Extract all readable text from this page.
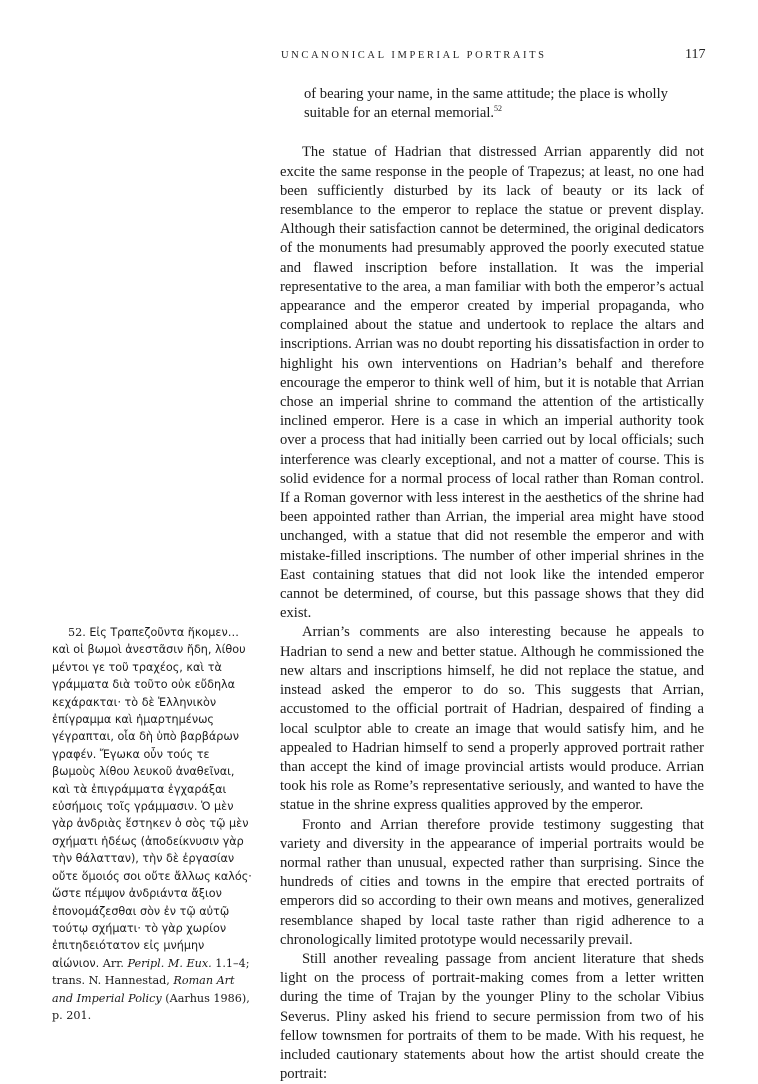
UNCANONICAL IMPERIAL PORTRAITS	117

of bearing your name, in the same attitude; the place is wholly suitable for an eternal memorial.$^{52}$

The statue of Hadrian that distressed Arrian apparently did not excite the same response in the people of Trapezus; at least, no one had been sufficiently disturbed by its lack of beauty or its lack of resemblance to the emperor to replace the statue or prevent display. Although their satisfaction cannot be determined, the original dedicators of the monuments had presumably approved the poorly executed statue and flawed inscription before installation. It was the imperial representative to the area, a man familiar with both the emperor’s actual appearance and the emperor created by imperial propaganda, who complained about the statue and undertook to replace the altars and inscriptions. Arrian was no doubt reporting his dissatisfaction in order to highlight his own interventions on Hadrian’s behalf and therefore encourage the emperor to think well of him, but it is notable that Arrian chose an imperial shrine to command the attention of the artistically inclined emperor. Here is a case in which an imperial authority took over a process that had initially been carried out by local officials; such interference was clearly exceptional, and not a matter of course. This is solid evidence for a normal process of local rather than Roman control. If a Roman governor with less interest in the aesthetics of the shrine had been appointed rather than Arrian, the imperial area might have stood unchanged, with a statue that did not resemble the emperor and with mistake-filled inscriptions. The number of other imperial shrines in the East containing statues that did not look like the intended emperor cannot be determined, of course, but this passage shows that they did exist.

Arrian’s comments are also interesting because he appeals to Hadrian to send a new and better statue. Although he commissioned the new altars and inscriptions himself, he did not replace the statue, and instead asked the emperor to do so. This suggests that Arrian, accustomed to the official portrait of Hadrian, despaired of finding a local sculptor able to create an image that would satisfy him, and he appealed to Hadrian himself to send a properly approved portrait rather than accept the kind of image provincial artists would produce. Arrian took his role as Rome’s representative seriously, and wanted to have the statue in the shrine express qualities approved by the emperor.

Fronto and Arrian therefore provide testimony suggesting that variety and diversity in the appearance of imperial portraits would be normal rather than unusual, expected rather than surprising. Since the hundreds of cities and towns in the empire that erected portraits of emperors did so according to their own means and motives, generalized resemblance shaped by local taste rather than rigid adherence to a chronologically limited prototype would necessarily prevail.

Still another revealing passage from ancient literature that sheds light on the process of portrait-making comes from a letter written during the time of Trajan by the younger Pliny to the scholar Vibius Severus. Pliny asked his friend to secure permission from two of his fellow townsmen for portraits of them to be made. With his request, he included cautionary statements about how the artist should create the portrait:

52. Εἰς Τραπεζοῦντα ἥκομεν…καὶ οἱ βωμοὶ ἀνεστᾶσιν ἤδη, λίθου μέντοι γε τοῦ τραχέος, καὶ τὰ γράμματα διὰ τοῦτο οὐκ εὔδηλα κεχάρακται· τὸ δὲ Ἑλληνικὸν ἐπίγραμμα καὶ ἡμαρτημένως γέγραπται, οἷα δὴ ὑπὸ βαρβάρων γραφέν. Ἔγωκα οὖν τούς τε βωμοὺς λίθου λευκοῦ ἀναθεῖναι, καὶ τὰ ἐπιγράμματα ἐγχαράξαι εὐσήμοις τοῖς γράμμασιν. Ὁ μὲν γὰρ ἀνδριὰς ἕστηκεν ὁ σὸς τῷ μὲν σχήματι ἡδέως (ἀποδείκνυσιν γὰρ τὴν θάλατταν), τὴν δὲ ἐργασίαν οὔτε ὅμοιός σοι οὔτε ἄλλως καλός· ὥστε πέμψον ἀνδριάντα ἄξιον ἐπονομάζεσθαι σὸν ἐν τῷ αὐτῷ τούτῳ σχήματι· τὸ γὰρ χωρίον ἐπιτηδειότατον εἰς μνήμην αἰώνιον. Arr. Peripl. M. Eux. 1.1–4; trans. N. Hannestad, Roman Art and Imperial Policy (Aarhus 1986), p. 201.
